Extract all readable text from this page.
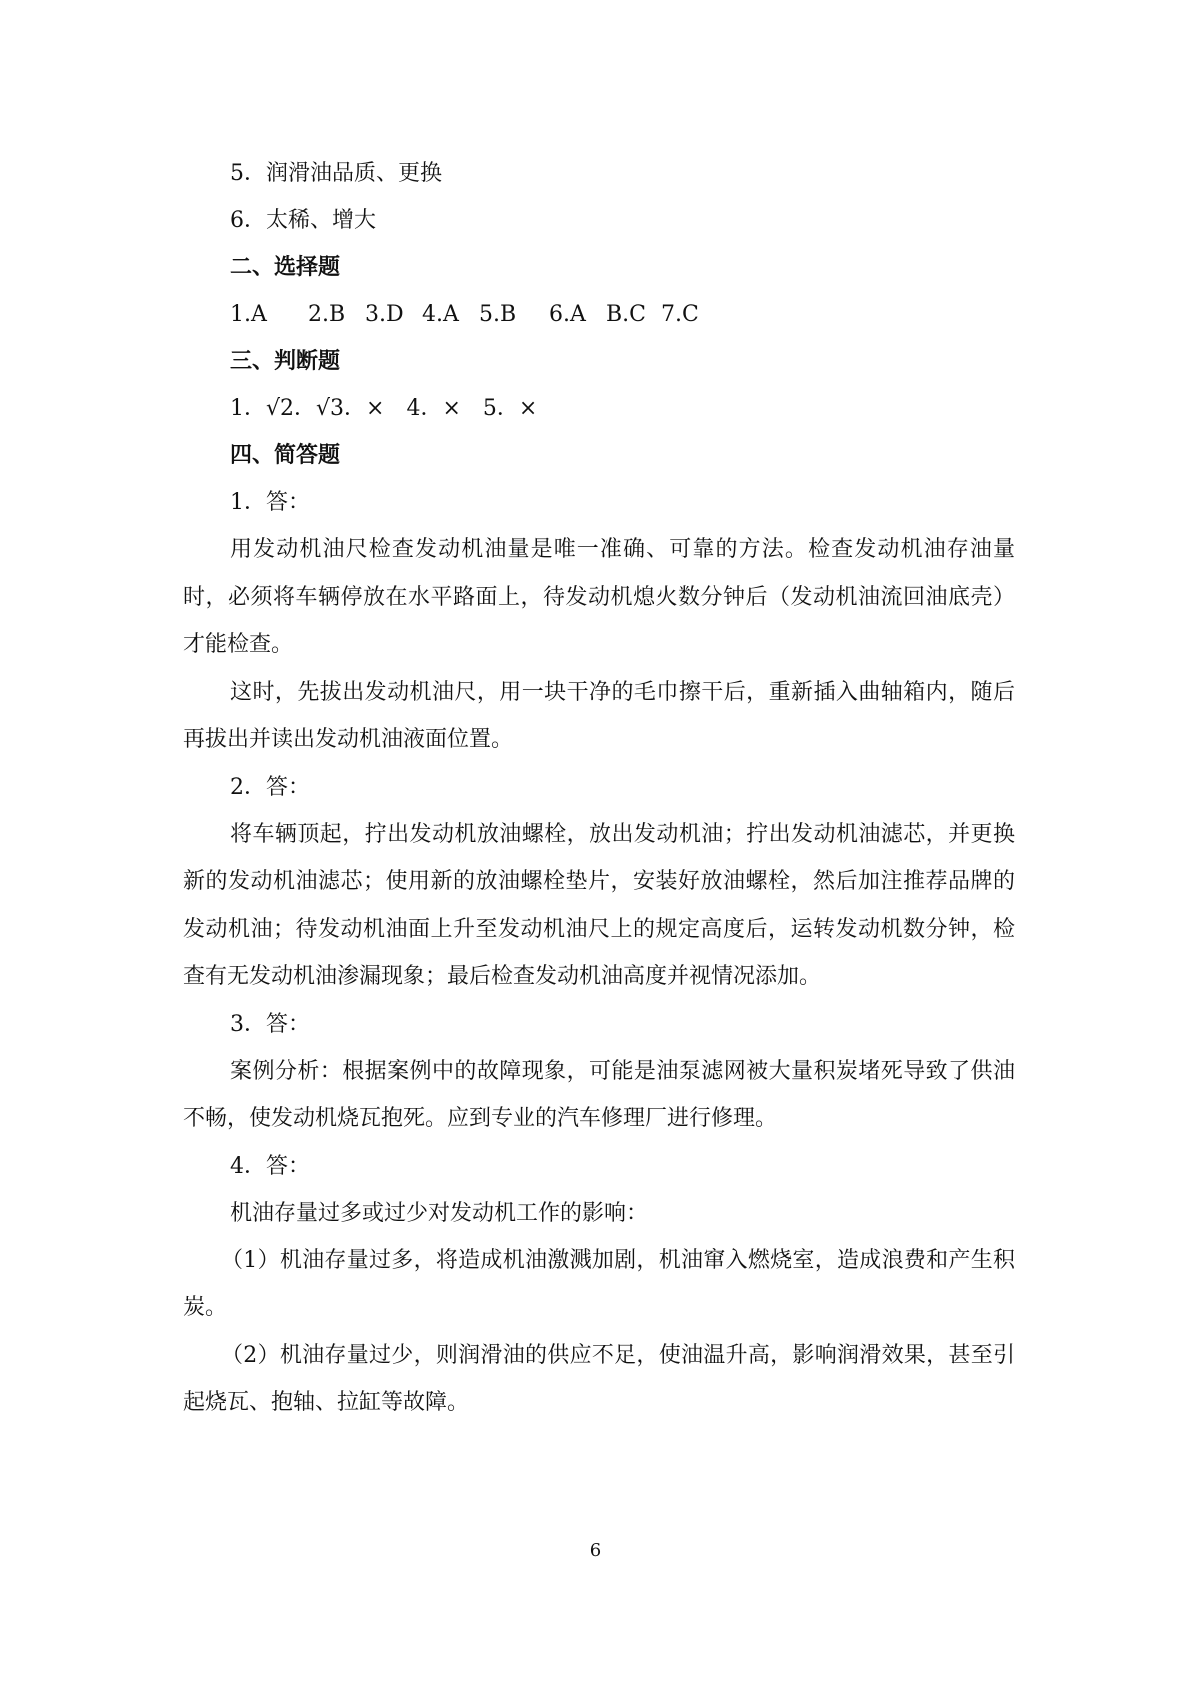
5．润滑油品质、更换
6．太稀、增大
二、选择题
1.A 2.B 3.D 4.A 5.B 6.A B.C 7.C
三、判断题
1．√2．√3．×　4．×　5．×
四、简答题
1．答：

用发动机油尺检查发动机油量是唯一准确、可靠的方法。检查发动机油存油量时，必须将车辆停放在水平路面上，待发动机熄火数分钟后（发动机油流回油底壳）才能检查。

这时，先拔出发动机油尺，用一块干净的毛巾擦干后，重新插入曲轴箱内，随后再拔出并读出发动机油液面位置。

2．答：

将车辆顶起，拧出发动机放油螺栓，放出发动机油；拧出发动机油滤芯，并更换新的发动机油滤芯；使用新的放油螺栓垫片，安装好放油螺栓，然后加注推荐品牌的发动机油；待发动机油面上升至发动机油尺上的规定高度后，运转发动机数分钟，检查有无发动机油渗漏现象；最后检查发动机油高度并视情况添加。

3．答：

案例分析：根据案例中的故障现象，可能是油泵滤网被大量积炭堵死导致了供油不畅，使发动机烧瓦抱死。应到专业的汽车修理厂进行修理。

4．答：
机油存量过多或过少对发动机工作的影响：

（1）机油存量过多，将造成机油激溅加剧，机油窜入燃烧室，造成浪费和产生积炭。

（2）机油存量过少，则润滑油的供应不足，使油温升高，影响润滑效果，甚至引起烧瓦、抱轴、拉缸等故障。

6
